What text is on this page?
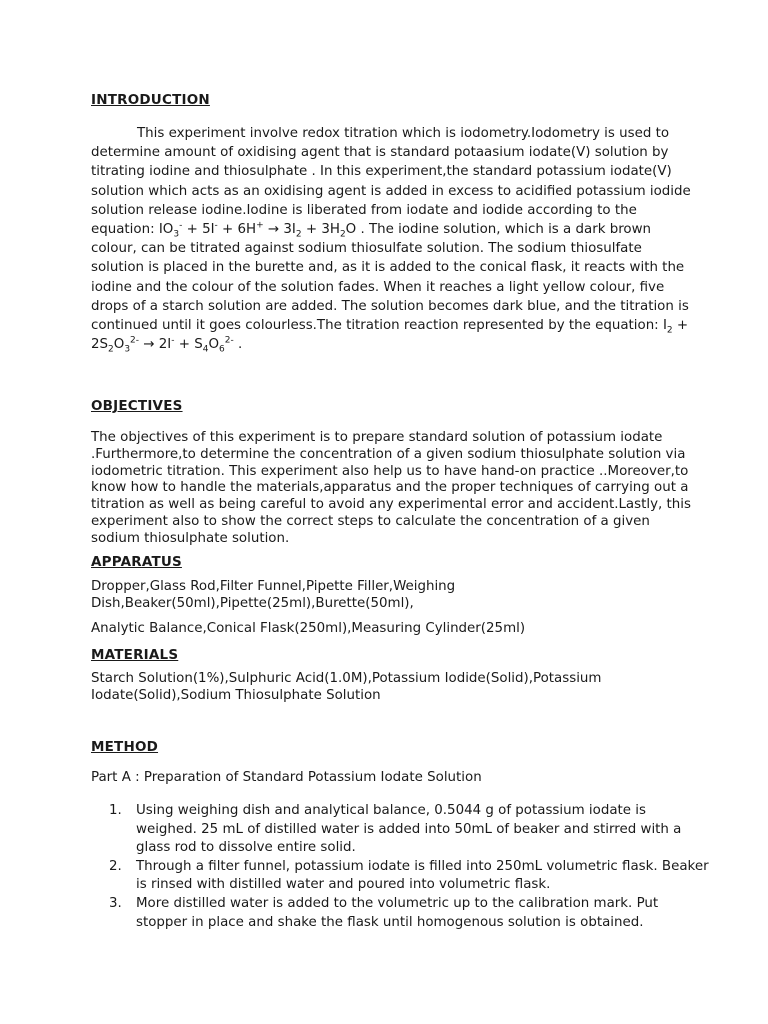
INTRODUCTION
This experiment involve redox titration which is iodometry.Iodometry is used to determine amount of oxidising agent that is standard potaasium iodate(V) solution by titrating iodine and thiosulphate . In this experiment,the standard potassium iodate(V) solution which acts as an oxidising agent is added in excess to acidified potassium iodide solution release iodine.Iodine is liberated from iodate and iodide according to the equation: $IO_3^- + 5I^- + 6H^+ \to 3I_2 + 3H_2O$ . The iodine solution, which is a dark brown colour, can be titrated against sodium thiosulfate solution. The sodium thiosulfate solution is placed in the burette and, as it is added to the conical flask, it reacts with the iodine and the colour of the solution fades. When it reaches a light yellow colour, five drops of a starch solution are added. The solution becomes dark blue, and the titration is continued until it goes colourless.The titration reaction represented by the equation: $I_2 + 2S_2O_3^{2-} \to 2I^- + S_4O_6^{2-}$ .
OBJECTIVES
The objectives of this experiment is to prepare standard solution of potassium iodate .Furthermore,to determine the concentration of a given sodium thiosulphate solution via iodometric titration. This experiment also help us to have hand-on practice ..Moreover,to know how to handle the materials,apparatus and the proper techniques of carrying out a titration as well as being careful to avoid any experimental error and accident.Lastly, this experiment also to show the correct steps to calculate the concentration of a given sodium thiosulphate solution.
APPARATUS
Dropper,Glass Rod,Filter Funnel,Pipette Filler,Weighing Dish,Beaker(50ml),Pipette(25ml),Burette(50ml),
Analytic Balance,Conical Flask(250ml),Measuring Cylinder(25ml)
MATERIALS
Starch Solution(1%),Sulphuric Acid(1.0M),Potassium Iodide(Solid),Potassium Iodate(Solid),Sodium Thiosulphate Solution
METHOD
Part A : Preparation of Standard Potassium Iodate Solution
1. Using weighing dish and analytical balance, 0.5044 g of potassium iodate is weighed. 25 mL of distilled water is added into 50mL of beaker and stirred with a glass rod to dissolve entire solid.
2. Through a filter funnel, potassium iodate is filled into 250mL volumetric flask. Beaker is rinsed with distilled water and poured into volumetric flask.
3. More distilled water is added to the volumetric up to the calibration mark. Put stopper in place and shake the flask until homogenous solution is obtained.
